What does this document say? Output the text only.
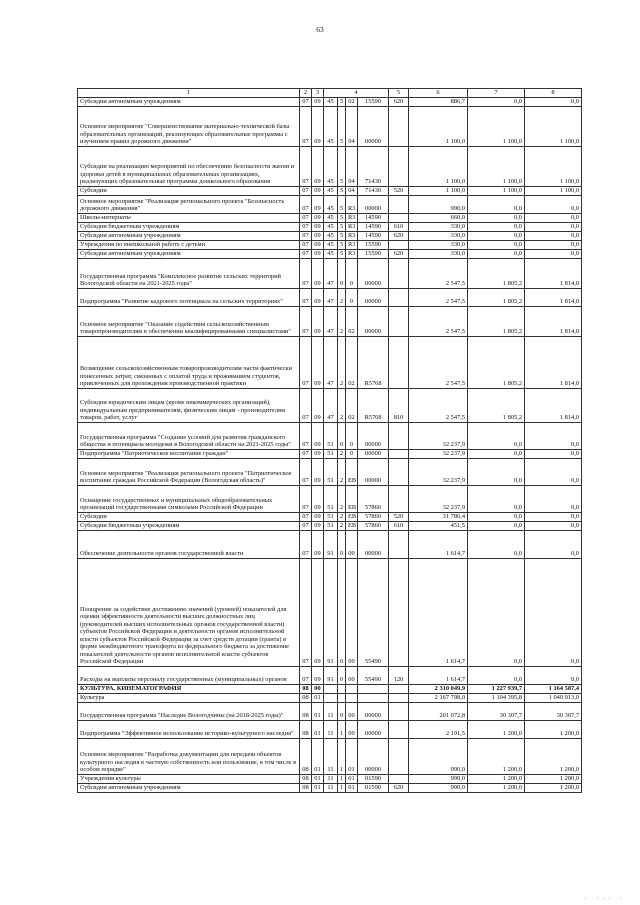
63
1	2	3	4				5	6	7	8
Субсидии автономным учреждениям	07	09	45	5	02	15590	620	886,7	0,0	0,0
Основное мероприятие "Совершенствование материально-технической базы образовательных организаций, реализующих образовательные программы с изучением правил дорожного движения"	07	09	45	5	04	00000		1 100,0	1 100,0	1 100,0
Субсидии на реализацию мероприятий по обеспечению безопасности жизни и здоровья детей в муниципальных образовательных организациях, реализующих образовательные программы дошкольного образования	07	09	45	5	04	71430		1 100,0	1 100,0	1 100,0
Субсидии	07	09	45	5	04	71430	520	1 100,0	1 100,0	1 100,0
Основное мероприятие "Реализация регионального проекта "Безопасность дорожного движения"	07	09	45	5	R3	00000		990,0	0,0	0,0
Школы-интернаты	07	09	45	5	R3	14590		660,0	0,0	0,0
Субсидии бюджетным учреждениям	07	09	45	5	R3	14590	610	330,0	0,0	0,0
Субсидии автономным учреждениям	07	09	45	5	R3	14590	620	330,0	0,0	0,0
Учреждения по внешкольной работе с детьми	07	09	45	5	R3	15590		330,0	0,0	0,0
Субсидии автономным учреждениям	07	09	45	5	R3	15590	620	330,0	0,0	0,0
Государственная программа "Комплексное развитие сельских территорий Вологодской области на 2021-2025 годы"	07	09	47	0	0	00000		2 547,5	1 805,2	1 814,0
Подпрограмма "Развитие кадрового потенциала на сельских территориях"	07	09	47	2	0	00000		2 547,5	1 805,2	1 814,0
Основное мероприятие "Оказание содействия сельскохозяйственным товаропроизводителям в обеспечении квалифицированными специалистами"	07	09	47	2	02	00000		2 547,5	1 805,2	1 814,0
Возмещение сельскохозяйственным товаропроизводителям части фактически понесенных затрат, связанных с оплатой труда и проживанием студентов, привлеченных для прохождения производственной практики	07	09	47	2	02	R5768		2 547,5	1 805,2	1 814,0
Субсидии юридическим лицам (кроме некоммерческих организаций), индивидуальным предпринимателям, физическим лицам - производителям товаров, работ, услуг	07	09	47	2	02	R5768	810	2 547,5	1 805,2	1 814,0
Государственная программа "Создание условий для развития гражданского общества и потенциала молодежи в Вологодской области на 2021-2025 годы"	07	09	51	0	0	00000		32 237,9	0,0	0,0
Подпрограмма "Патриотическое воспитание граждан"	07	09	51	2	0	00000		32 237,9	0,0	0,0
Основное мероприятие "Реализация регионального проекта "Патриотическое воспитание граждан Российской Федерации (Вологодская область)"	07	09	51	2	ЕВ	00000		32 237,9	0,0	0,0
Оснащение государственных и муниципальных общеобразовательных организаций государственными символами Российской Федерации	07	09	51	2	ЕВ	57860		32 237,9	0,0	0,0
Субсидии	07	09	51	2	ЕВ	57860	520	31 786,4	0,0	0,0
Субсидии бюджетным учреждениям	07	09	51	2	ЕВ	57860	610	451,5	0,0	0,0
Обеспечение деятельности органов государственной власти	07	09	91	0	00	00000		1 614,7	0,0	0,0
Поощрение за содействие достижению значений (уровней) показателей для оценки эффективности деятельности высших должностных лиц (руководителей высших исполнительных органов государственной власти) субъектов Российской Федерации и деятельности органов исполнительной власти субъектов Российской Федерации за счет средств дотации (гранта) в форме межбюджетного трансферта из федерального бюджета за достижение показателей деятельности органов исполнительной власти субъектов Российской Федерации	07	09	91	0	00	55490		1 614,7	0,0	0,0
Расходы на выплаты персоналу государственных (муниципальных) органов	07	09	91	0	00	55490	120	1 614,7	0,0	0,0
КУЛЬТУРА, КИНЕМАТОГРАФИЯ	08	00						2 310 049,9	1 227 939,7	1 164 587,4
Культура	08	01						2 167 798,0	1 104 395,8	1 040 913,0
Государственная программа "Наследие Вологодчины (на 2018-2025 годы)"	08	01	11	0	00	00000		201 072,8	30 307,7	30 307,7
Подпрограмма "Эффективное использование историко-культурного наследия"	08	01	11	1	00	00000		2 191,5	1 200,0	1 200,0
Основное мероприятие "Разработка документации для передачи объектов культурного наследия в частную собственность или пользование, в том числе в особом порядке"	08	01	11	1	01	00000		990,0	1 200,0	1 200,0
Учреждения культуры	08	01	11	1	01	01590		990,0	1 200,0	1 200,0
Субсидии автономным учреждениям	08	01	11	1	01	01590	620	990,0	1 200,0	1 200,0
· ··· ·
